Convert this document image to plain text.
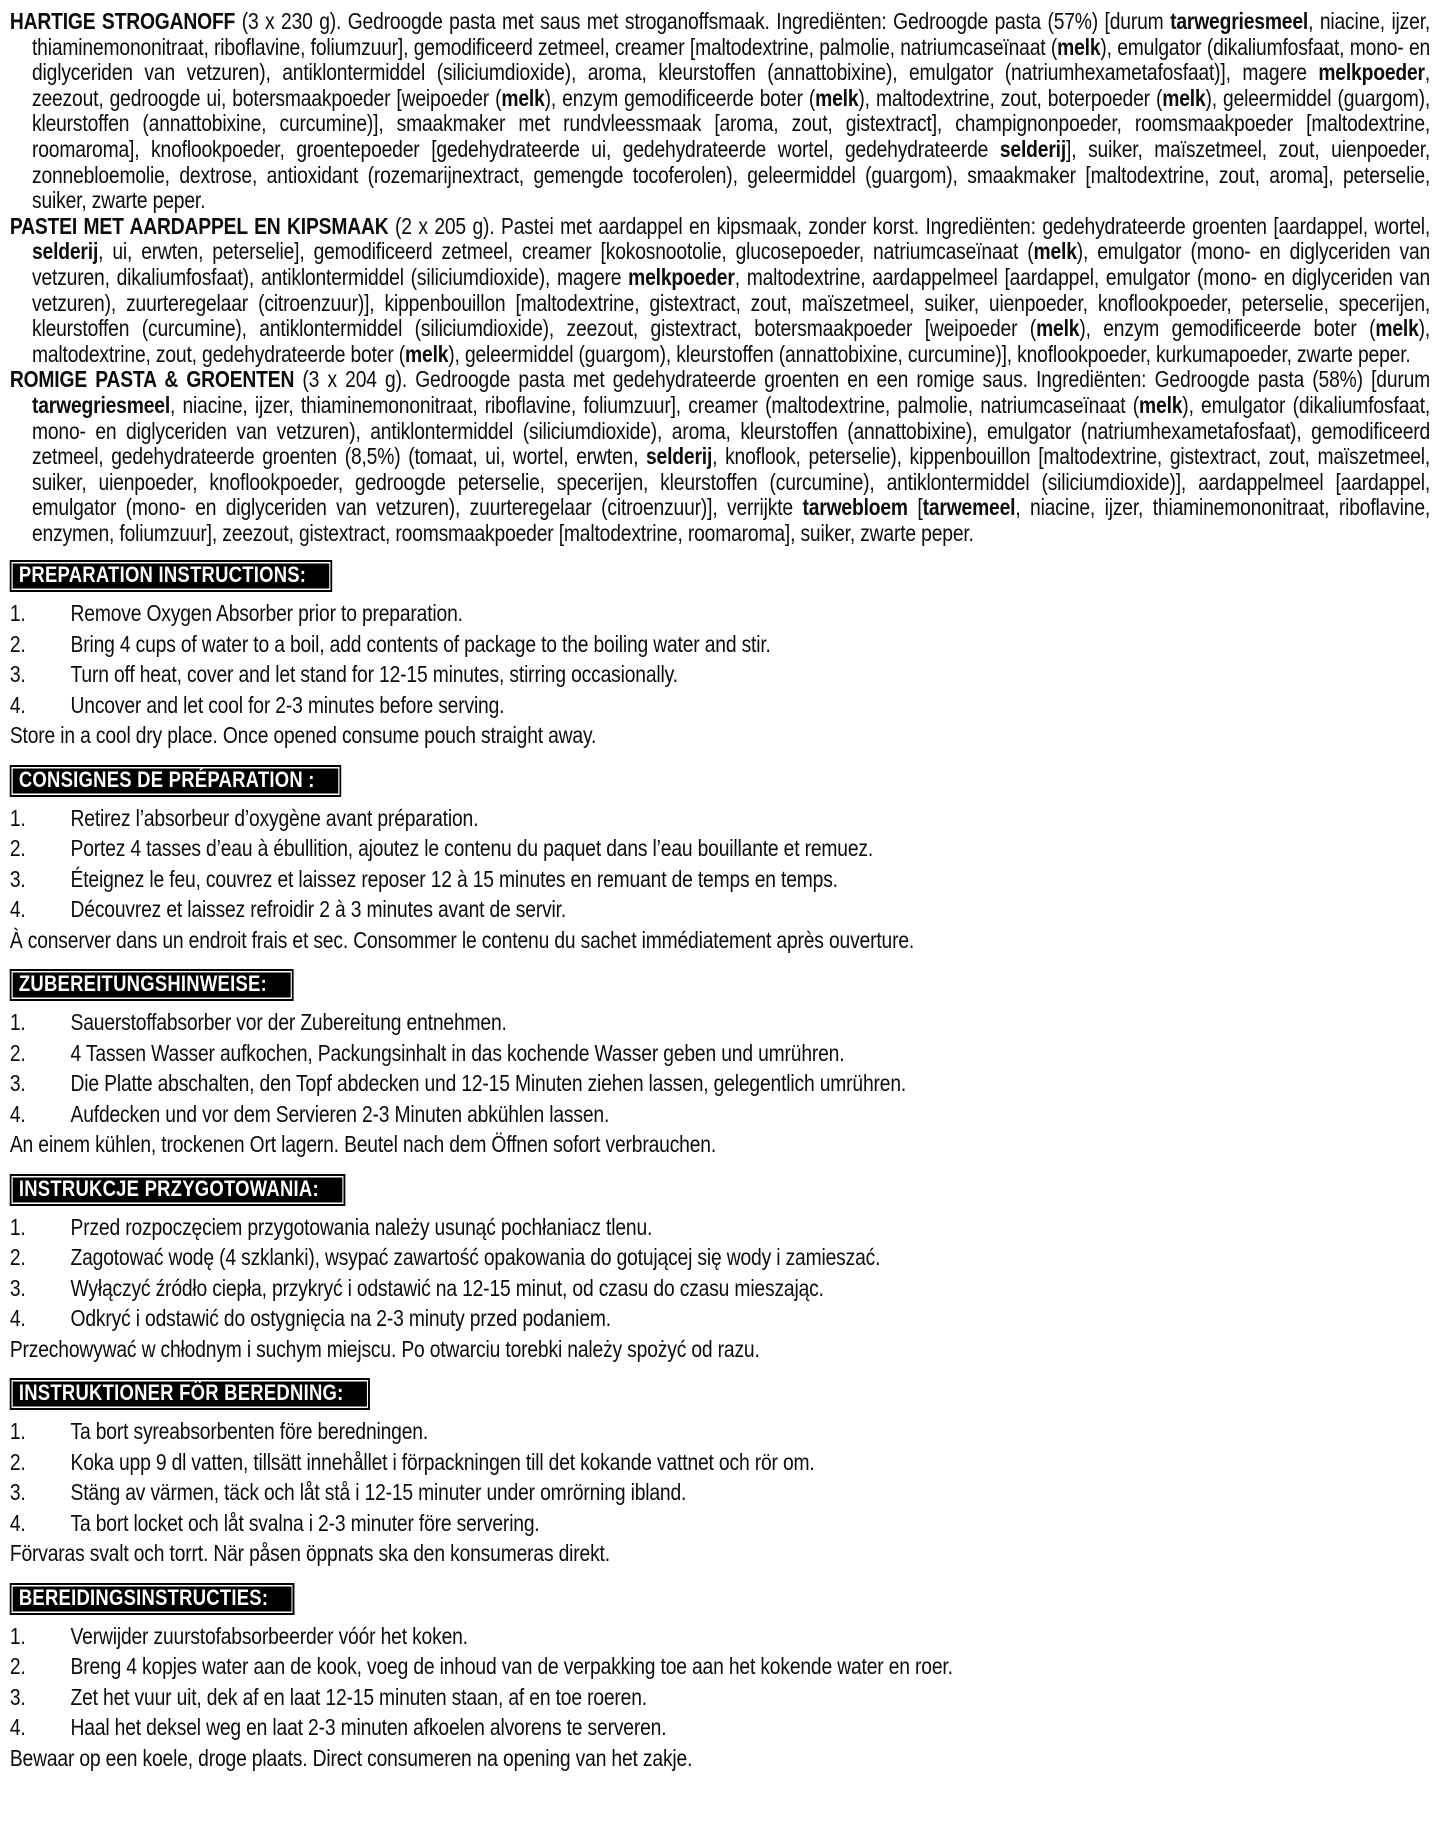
HARTIGE STROGANOFF (3 x 230 g). Gedroogde pasta met saus met stroganoffsmaak. Ingrediënten: Gedroogde pasta (57%) [durum tarwegriesmeel, niacine, ijzer, thiaminemononitraat, riboflavine, foliumzuur], gemodificeerd zetmeel, creamer [maltodextrine, palmolie, natriumcaseïnaat (melk), emulgator (dikaliumfosfaat, mono- en diglyceriden van vetzuren), antiklontermiddel (siliciumdioxide), aroma, kleurstoffen (annattobixine), emulgator (natriumhexametafosfaat)], magere melkpoeder, zeezout, gedroogde ui, botersmaakpoeder [weipoeder (melk), enzym gemodificeerde boter (melk), maltodextrine, zout, boterpoeder (melk), geleermiddel (guargom), kleurstoffen (annattobixine, curcumine)], smaakmaker met rundvleessmaak [aroma, zout, gistextract], champignonpoeder, roomsmaakpoeder [maltodextrine, roomaroma], knoflookpoeder, groentepoeder [gedehydrateerde ui, gedehydrateerde wortel, gedehydrateerde selderij], suiker, maïszetmeel, zout, uienpoeder, zonnebloemolie, dextrose, antioxidant (rozemarijnextract, gemengde tocoferolen), geleermiddel (guargom), smaakmaker [maltodextrine, zout, aroma], peterselie, suiker, zwarte peper.

PASTEI MET AARDAPPEL EN KIPSMAAK (2 x 205 g). Pastei met aardappel en kipsmaak, zonder korst. Ingrediënten: gedehydrateerde groenten [aardappel, wortel, selderij, ui, erwten, peterselie], gemodificeerd zetmeel, creamer [kokosnootolie, glucosepoeder, natriumcaseïnaat (melk), emulgator (mono- en diglyceriden van vetzuren, dikaliumfosfaat), antiklontermiddel (siliciumdioxide), magere melkpoeder, maltodextrine, aardappelmeel [aardappel, emulgator (mono- en diglyceriden van vetzuren), zuurteregelaar (citroenzuur)], kippenbouillon [maltodextrine, gistextract, zout, maïszetmeel, suiker, uienpoeder, knoflookpoeder, peterselie, specerijen, kleurstoffen (curcumine), antiklontermiddel (siliciumdioxide), zeezout, gistextract, botersmaakpoeder [weipoeder (melk), enzym gemodificeerde boter (melk), maltodextrine, zout, gedehydrateerde boter (melk), geleermiddel (guargom), kleurstoffen (annattobixine, curcumine)], knoflookpoeder, kurkumapoeder, zwarte peper.

ROMIGE PASTA & GROENTEN (3 x 204 g). Gedroogde pasta met gedehydrateerde groenten en een romige saus. Ingrediënten: Gedroogde pasta (58%) [durum tarwegriesmeel, niacine, ijzer, thiaminemononitraat, riboflavine, foliumzuur], creamer (maltodextrine, palmolie, natriumcaseïnaat (melk), emulgator (dikaliumfosfaat, mono- en diglyceriden van vetzuren), antiklontermiddel (siliciumdioxide), aroma, kleurstoffen (annattobixine), emulgator (natriumhexametafosfaat), gemodificeerd zetmeel, gedehydrateerde groenten (8,5%) (tomaat, ui, wortel, erwten, selderij, knoflook, peterselie), kippenbouillon [maltodextrine, gistextract, zout, maïszetmeel, suiker, uienpoeder, knoflookpoeder, gedroogde peterselie, specerijen, kleurstoffen (curcumine), antiklontermiddel (siliciumdioxide)], aardappelmeel [aardappel, emulgator (mono- en diglyceriden van vetzuren), zuurteregelaar (citroenzuur)], verrijkte tarwebloem [tarwemeel, niacine, ijzer, thiaminemononitraat, riboflavine, enzymen, foliumzuur], zeezout, gistextract, roomsmaakpoeder [maltodextrine, roomaroma], suiker, zwarte peper.

PREPARATION INSTRUCTIONS:
1.	Remove Oxygen Absorber prior to preparation.
2.	Bring 4 cups of water to a boil, add contents of package to the boiling water and stir.
3.	Turn off heat, cover and let stand for 12-15 minutes, stirring occasionally.
4.	Uncover and let cool for 2-3 minutes before serving.

Store in a cool dry place. Once opened consume pouch straight away.

CONSIGNES DE PRÉPARATION :
1.	Retirez l’absorbeur d’oxygène avant préparation.
2.	Portez 4 tasses d’eau à ébullition, ajoutez le contenu du paquet dans l’eau bouillante et remuez.
3.	Éteignez le feu, couvrez et laissez reposer 12 à 15 minutes en remuant de temps en temps.
4.	Découvrez et laissez refroidir 2 à 3 minutes avant de servir.

À conserver dans un endroit frais et sec. Consommer le contenu du sachet immédiatement après ouverture.

ZUBEREITUNGSHINWEISE:
1.	Sauerstoffabsorber vor der Zubereitung entnehmen.
2.	4 Tassen Wasser aufkochen, Packungsinhalt in das kochende Wasser geben und umrühren.
3.	Die Platte abschalten, den Topf abdecken und 12-15 Minuten ziehen lassen, gelegentlich umrühren.
4.	Aufdecken und vor dem Servieren 2-3 Minuten abkühlen lassen.

An einem kühlen, trockenen Ort lagern. Beutel nach dem Öffnen sofort verbrauchen.

INSTRUKCJE PRZYGOTOWANIA:
1.	Przed rozpoczęciem przygotowania należy usunąć pochłaniacz tlenu.
2.	Zagotować wodę (4 szklanki), wsypać zawartość opakowania do gotującej się wody i zamieszać.
3.	Wyłączyć źródło ciepła, przykryć i odstawić na 12-15 minut, od czasu do czasu mieszając.
4.	Odkryć i odstawić do ostygnięcia na 2-3 minuty przed podaniem.

Przechowywać w chłodnym i suchym miejscu. Po otwarciu torebki należy spożyć od razu.

INSTRUKTIONER FÖR BEREDNING:
1.	Ta bort syreabsorbenten före beredningen.
2.	Koka upp 9 dl vatten, tillsätt innehållet i förpackningen till det kokande vattnet och rör om.
3.	Stäng av värmen, täck och låt stå i 12-15 minuter under omrörning ibland.
4.	Ta bort locket och låt svalna i 2-3 minuter före servering.

Förvaras svalt och torrt. När påsen öppnats ska den konsumeras direkt.

BEREIDINGSINSTRUCTIES:
1.	Verwijder zuurstofabsorbeerder vóór het koken.
2.	Breng 4 kopjes water aan de kook, voeg de inhoud van de verpakking toe aan het kokende water en roer.
3.	Zet het vuur uit, dek af en laat 12-15 minuten staan, af en toe roeren.
4.	Haal het deksel weg en laat 2-3 minuten afkoelen alvorens te serveren.

Bewaar op een koele, droge plaats. Direct consumeren na opening van het zakje.
